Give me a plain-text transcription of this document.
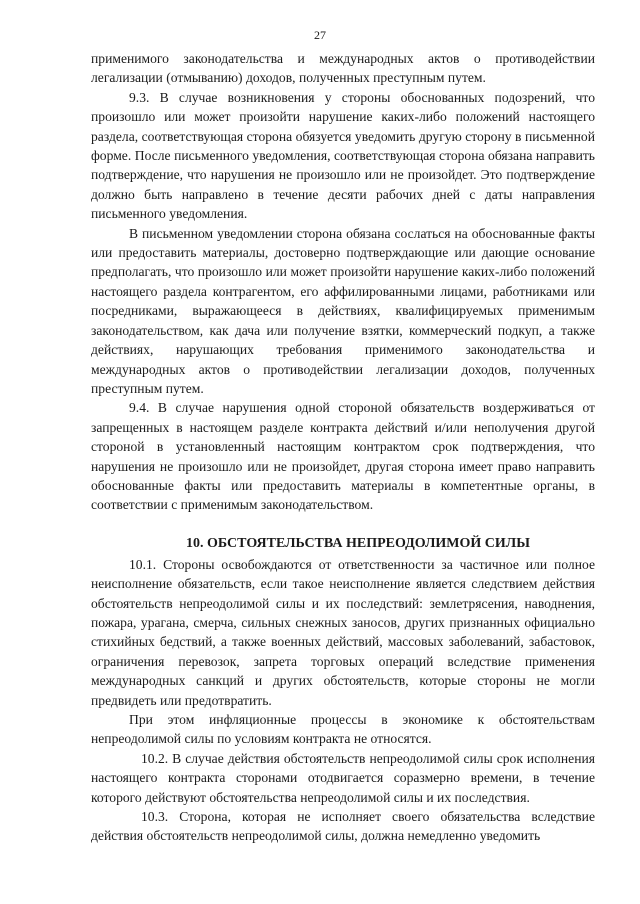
27

применимого законодательства и международных актов о противодействии легализации (отмыванию) доходов, полученных преступным путем.

9.3. В случае возникновения у стороны обоснованных подозрений, что произошло или может произойти нарушение каких-либо положений настоящего раздела, соответствующая сторона обязуется уведомить другую сторону в письменной форме. После письменного уведомления, соответствующая сторона обязана направить подтверждение, что нарушения не произошло или не произойдет. Это подтверждение должно быть направлено в течение десяти рабочих дней с даты направления письменного уведомления.

В письменном уведомлении сторона обязана сослаться на обоснованные факты или предоставить материалы, достоверно подтверждающие или дающие основание предполагать, что произошло или может произойти нарушение каких-либо положений настоящего раздела контрагентом, его аффилированными лицами, работниками или посредниками, выражающееся в действиях, квалифицируемых применимым законодательством, как дача или получение взятки, коммерческий подкуп, а также действиях, нарушающих требования применимого законодательства и международных актов о противодействии легализации доходов, полученных преступным путем.

9.4. В случае нарушения одной стороной обязательств воздерживаться от запрещенных в настоящем разделе контракта действий и/или неполучения другой стороной в установленный настоящим контрактом срок подтверждения, что нарушения не произошло или не произойдет, другая сторона имеет право направить обоснованные факты или предоставить материалы в компетентные органы, в соответствии с применимым законодательством.

10. ОБСТОЯТЕЛЬСТВА НЕПРЕОДОЛИМОЙ СИЛЫ

10.1. Стороны освобождаются от ответственности за частичное или полное неисполнение обязательств, если такое неисполнение является следствием действия обстоятельств непреодолимой силы и их последствий: землетрясения, наводнения, пожара, урагана, смерча, сильных снежных заносов, других признанных официально стихийных бедствий, а также военных действий, массовых заболеваний, забастовок, ограничения перевозок, запрета торговых операций вследствие применения международных санкций и других обстоятельств, которые стороны не могли предвидеть или предотвратить.

При этом инфляционные процессы в экономике к обстоятельствам непреодолимой силы по условиям контракта не относятся.

10.2. В случае действия обстоятельств непреодолимой силы срок исполнения настоящего контракта сторонами отодвигается соразмерно времени, в течение которого действуют обстоятельства непреодолимой силы и их последствия.

10.3. Сторона, которая не исполняет своего обязательства вследствие действия обстоятельств непреодолимой силы, должна немедленно уведомить
